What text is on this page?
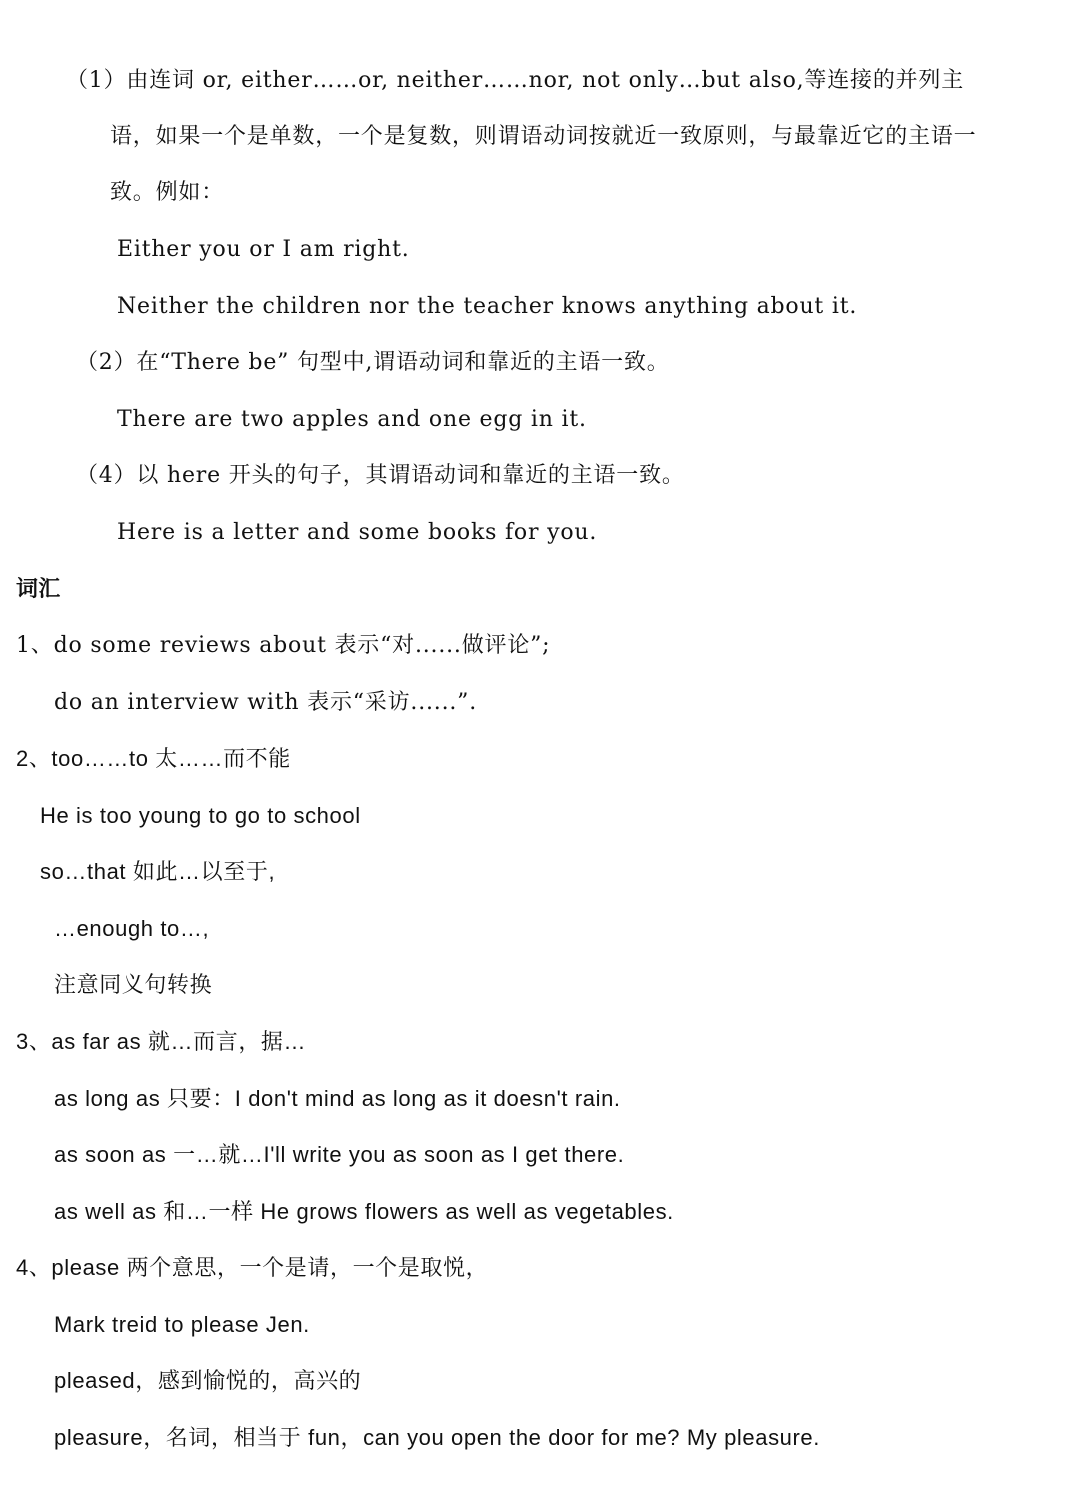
（1）由连词 or, either……or, neither……nor, not only…but also,等连接的并列主
语，如果一个是单数，一个是复数，则谓语动词按就近一致原则，与最靠近它的主语一
致。例如：
Either you or I am right.
Neither the children nor the teacher knows anything about it.
（2）在“There be” 句型中,谓语动词和靠近的主语一致。
There are two apples and one egg in it.
（4）以 here 开头的句子，其谓语动词和靠近的主语一致。
Here is a letter and some books for you.
词汇
1、do some reviews about 表示“对......做评论”;
do an interview with 表示“采访......”.
2、too……to 太……而不能
He is too young to go to school
so…that 如此…以至于,
…enough to…,
注意同义句转换
3、as far as 就…而言，据…
as long as 只要：I don't mind as long as it doesn't rain.
as soon as 一…就…I'll write you as soon as I get there.
as well as 和…一样 He grows flowers as well as vegetables.
4、please 两个意思，一个是请，一个是取悦，
Mark treid to please Jen.
pleased，感到愉悦的，高兴的
pleasure，名词，相当于 fun，can you open the door for me? My pleasure.
